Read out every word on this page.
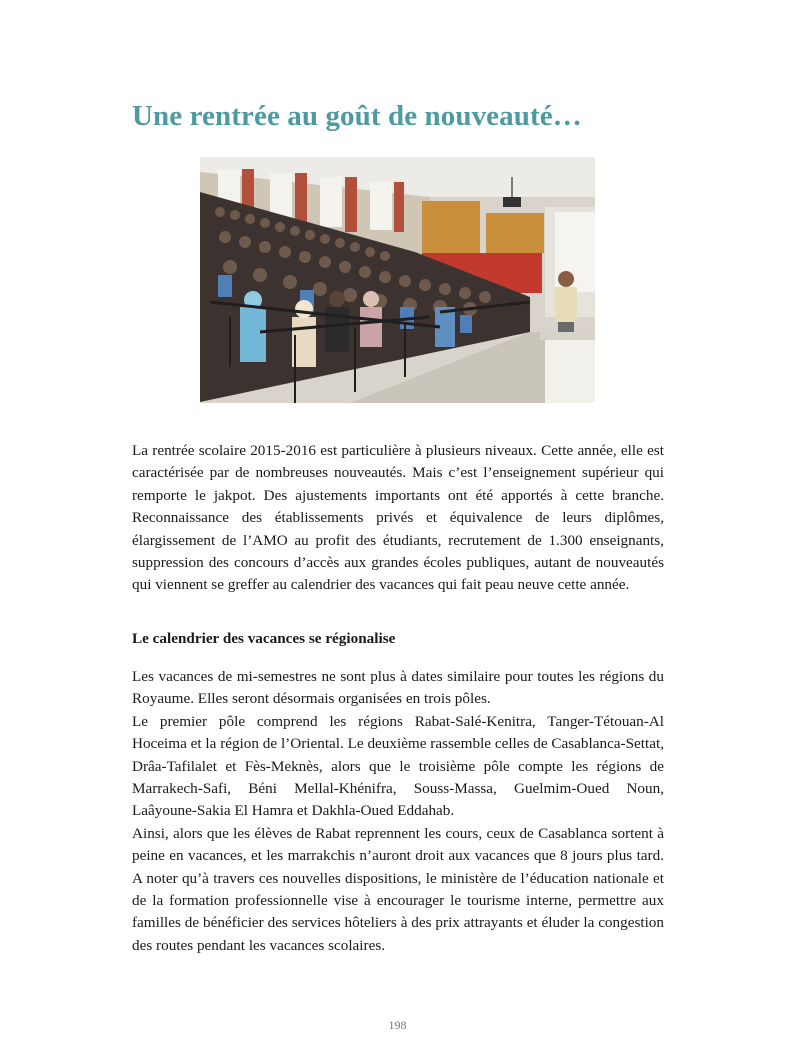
Une rentrée au goût de nouveauté…

La rentrée scolaire 2015-2016 est particulière à plusieurs niveaux. Cette année, elle est caractérisée par de nombreuses nouveautés. Mais c’est l’enseignement supérieur qui remporte le jakpot. Des ajustements importants ont été apportés à cette branche. Reconnaissance des établissements privés et équivalence de leurs diplômes, élargissement de l’AMO au profit des étudiants, recrutement de 1.300 enseignants, suppression des concours d’accès aux grandes écoles publiques, autant de nouveautés qui viennent se greffer au calendrier des vacances qui fait peau neuve cette année.

Le calendrier des vacances se régionalise
Les vacances de mi-semestres ne sont plus à dates similaire pour toutes les régions du Royaume. Elles seront désormais organisées en trois pôles.
Le premier pôle comprend les régions Rabat-Salé-Kenitra, Tanger-Tétouan-Al Hoceima et la région de l’Oriental. Le deuxième rassemble celles de Casablanca-Settat, Drâa-Tafilalet et Fès-Meknès, alors que le troisième pôle compte les régions de Marrakech-Safi, Béni Mellal-Khénifra, Souss-Massa, Guelmim-Oued Noun, Laâyoune-Sakia El Hamra et Dakhla-Oued Eddahab.
Ainsi, alors que les élèves de Rabat reprennent les cours, ceux de Casablanca sortent à peine en vacances, et les marrakchis n’auront droit aux vacances que 8 jours plus tard. A noter qu’à travers ces nouvelles dispositions, le ministère de l’éducation nationale et de la formation professionnelle vise à encourager le tourisme interne, permettre aux familles de bénéficier des services hôteliers à des prix attrayants et éluder la congestion des routes pendant les vacances scolaires.
198
